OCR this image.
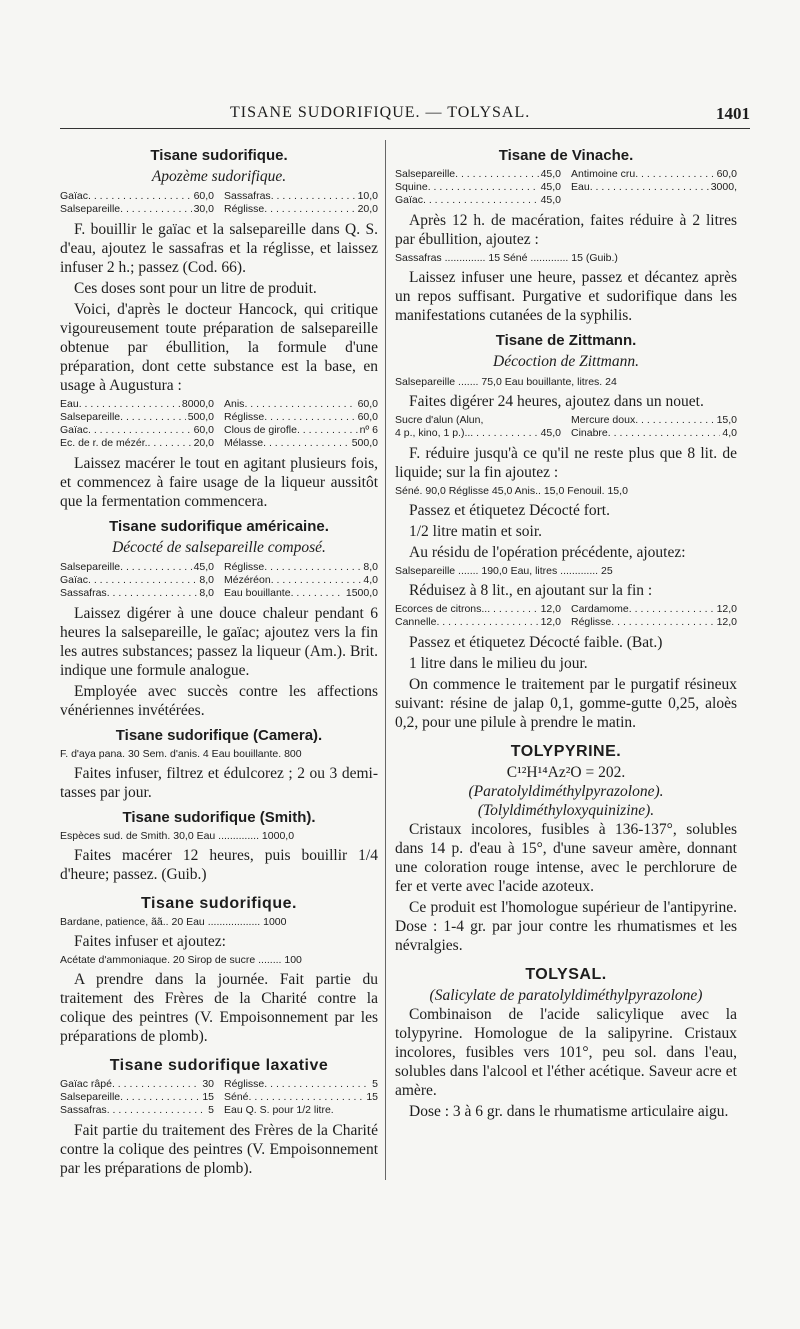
TISANE SUDORIFIQUE. — TOLYSAL.	1401
Tisane sudorifique.
Apozème sudorifique.
Gaïac . . .	60,0 Sassafras . . .	10,0
Salsepareille . . .	30,0 Réglisse . . .	20,0

F. bouillir le gaïac et la salsepareille dans Q. S. d'eau, ajoutez le sassafras et la réglisse, et laissez infuser 2 h.; passez (Cod. 66).

Ces doses sont pour un litre de produit.

Voici, d'après le docteur Hancock, qui critique vigoureusement toute préparation de salsepareille obtenue par ébullition, la formule d'une préparation, dont cette substance est la base, en usage à Augustura :

Eau . . .	8000,0 Anis . . .	60,0
Salsepareille . . .	500,0 Réglisse . . .	60,0
Gaïac . . .	60,0 Clous de girofle . . .	nº 6
Ec. de r. de mézér. . . .	20,0 Mélasse . . .	500,0

Laissez macérer le tout en agitant plusieurs fois, et commencez à faire usage de la liqueur aussitôt que la fermentation commencera.

Tisane sudorifique américaine.
Décocté de salsepareille composé.
Salsepareille . . .	45,0 Réglisse . . .	8,0
Gaïac . . .	8,0 Mézéréon . . .	4,0
Sassafras . . .	8,0 Eau bouillante . . .	1500,0

Laissez digérer à une douce chaleur pendant 6 heures la salsepareille, le gaïac; ajoutez vers la fin les autres substances; passez la liqueur (Am.). Brit. indique une formule analogue.

Employée avec succès contre les affections vénériennes invétérées.

Tisane sudorifique (Camera).
F. d'aya pana. 30 Sem. d'anis. 4 Eau bouillante. 800

Faites infuser, filtrez et édulcorez ; 2 ou 3 demi-tasses par jour.

Tisane sudorifique (Smith).
Espèces sud. de Smith. 30,0 Eau .............. 1000,0

Faites macérer 12 heures, puis bouillir 1/4 d'heure; passez. (Guib.)

Tisane sudorifique.
Bardane, patience, ãã.. 20 Eau .................. 1000

Faites infuser et ajoutez:

Acétate d'ammoniaque. 20 Sirop de sucre ........ 100

A prendre dans la journée. Fait partie du traitement des Frères de la Charité contre la colique des peintres (V. Empoisonnement par les préparations de plomb).

Tisane sudorifique laxative
Gaïac râpé . . .	30 Réglisse . . .	5
Salsepareille . . .	15 Séné . . .	15
Sassafras . . .	5 Eau Q. S. pour 1/2 litre.

Fait partie du traitement des Frères de la Charité contre la colique des peintres (V. Empoisonnement par les préparations de plomb).

Tisane de Vinache.
Salsepareille . . .	45,0 Antimoine cru . . .	60,0
Squine . . .	45,0 Eau . . .	3000,
Gaïac . . .	45,0

Après 12 h. de macération, faites réduire à 2 litres par ébullition, ajoutez :

Sassafras .............. 15 Séné ............. 15 (Guib.)

Laissez infuser une heure, passez et décantez après un repos suffisant. Purgative et sudorifique dans les manifestations cutanées de la syphilis.

Tisane de Zittmann.
Décoction de Zittmann.
Salsepareille ....... 75,0 Eau bouillante, litres. 24

Faites digérer 24 heures, ajoutez dans un nouet.

Sucre d'alun (Alun,	Mercure doux . . .	15,0
4 p., kino, 1 p.).. . . .	45,0 Cinabre . . .	4,0

F. réduire jusqu'à ce qu'il ne reste plus que 8 lit. de liquide; sur la fin ajoutez :

Séné. 90,0 Réglisse 45,0 Anis.. 15,0 Fenouil. 15,0

Passez et étiquetez Décocté fort.

1/2 litre matin et soir.

Au résidu de l'opération précédente, ajoutez:

Salsepareille ....... 190,0 Eau, litres ............. 25

Réduisez à 8 lit., en ajoutant sur la fin :

Ecorces de citrons.. . . .	12,0 Cardamome . . .	12,0
Cannelle . . .	12,0 Réglisse . . .	12,0

Passez et étiquetez Décocté faible. (Bat.)

1 litre dans le milieu du jour.

On commence le traitement par le purgatif résineux suivant: résine de jalap 0,1, gomme-gutte 0,25, aloès 0,2, pour une pilule à prendre le matin.

TOLYPYRINE.

C¹²H¹⁴Az²O = 202.

(Paratolyldiméthylpyrazolone).

(Tolyldiméthyloxyquinizine).

Cristaux incolores, fusibles à 136-137°, solubles dans 14 p. d'eau à 15°, d'une saveur amère, donnant une coloration rouge intense, avec le perchlorure de fer et verte avec l'acide azoteux.

Ce produit est l'homologue supérieur de l'antipyrine. Dose : 1-4 gr. par jour contre les rhumatismes et les névralgies.

TOLYSAL.

(Salicylate de paratolyldiméthylpyrazolone)

Combinaison de l'acide salicylique avec la tolypyrine. Homologue de la salipyrine. Cristaux incolores, fusibles vers 101°, peu sol. dans l'eau, solubles dans l'alcool et l'éther acétique. Saveur acre et amère.

Dose : 3 à 6 gr. dans le rhumatisme articulaire aigu.
